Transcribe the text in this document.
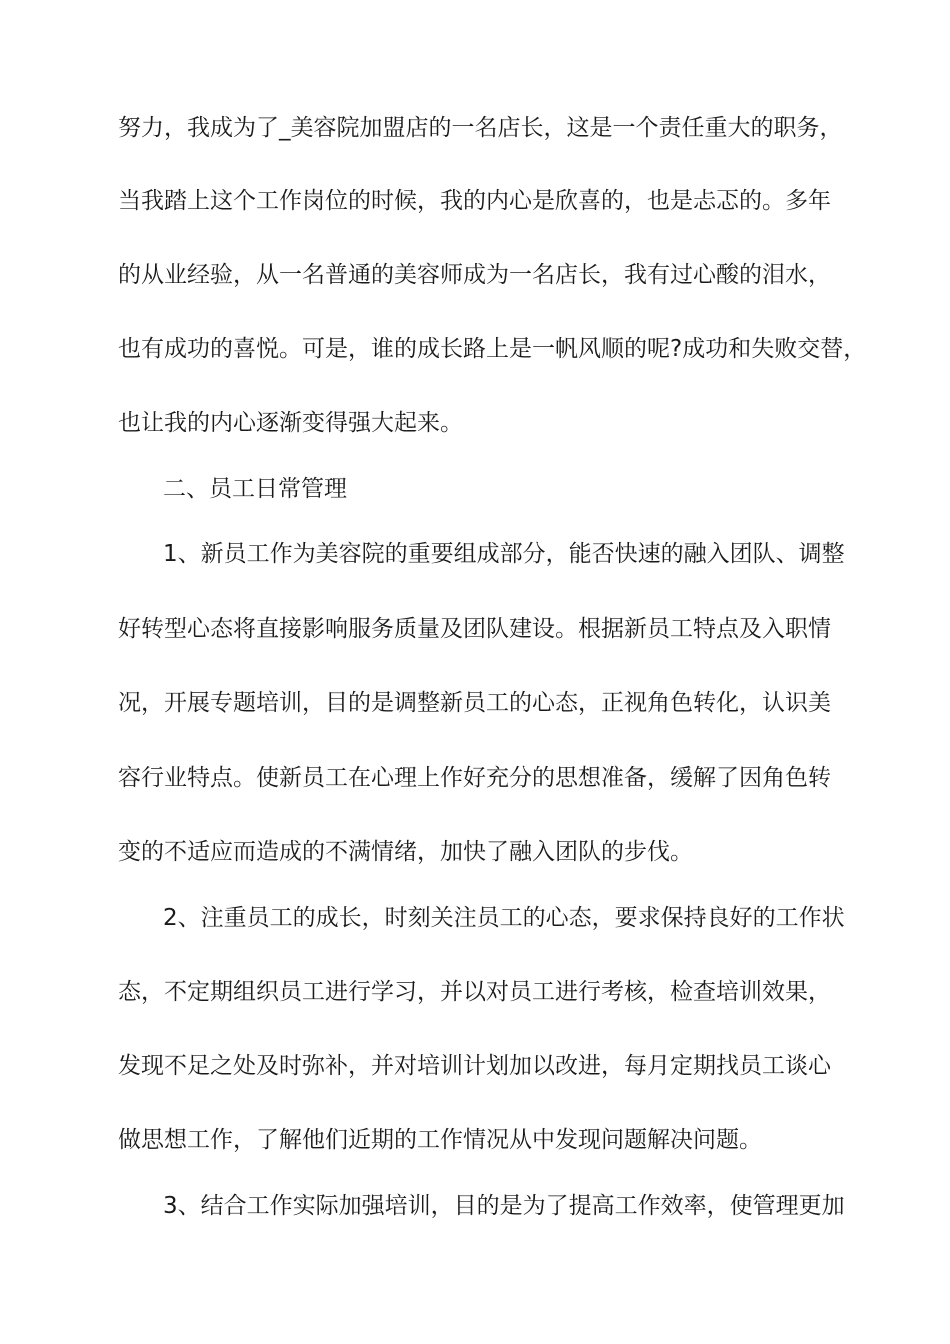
努力，我成为了_美容院加盟店的一名店长，这是一个责任重大的职务，
当我踏上这个工作岗位的时候，我的内心是欣喜的，也是忐忑的。多年
的从业经验，从一名普通的美容师成为一名店长，我有过心酸的泪水，
也有成功的喜悦。可是，谁的成长路上是一帆风顺的呢?成功和失败交替，
也让我的内心逐渐变得强大起来。
二、员工日常管理
1、新员工作为美容院的重要组成部分，能否快速的融入团队、调整
好转型心态将直接影响服务质量及团队建设。根据新员工特点及入职情
况，开展专题培训，目的是调整新员工的心态，正视角色转化，认识美
容行业特点。使新员工在心理上作好充分的思想准备，缓解了因角色转
变的不适应而造成的不满情绪，加快了融入团队的步伐。
2、注重员工的成长，时刻关注员工的心态，要求保持良好的工作状
态，不定期组织员工进行学习，并以对员工进行考核，检查培训效果，
发现不足之处及时弥补，并对培训计划加以改进，每月定期找员工谈心
做思想工作，了解他们近期的工作情况从中发现问题解决问题。
3、结合工作实际加强培训，目的是为了提高工作效率，使管理更加
